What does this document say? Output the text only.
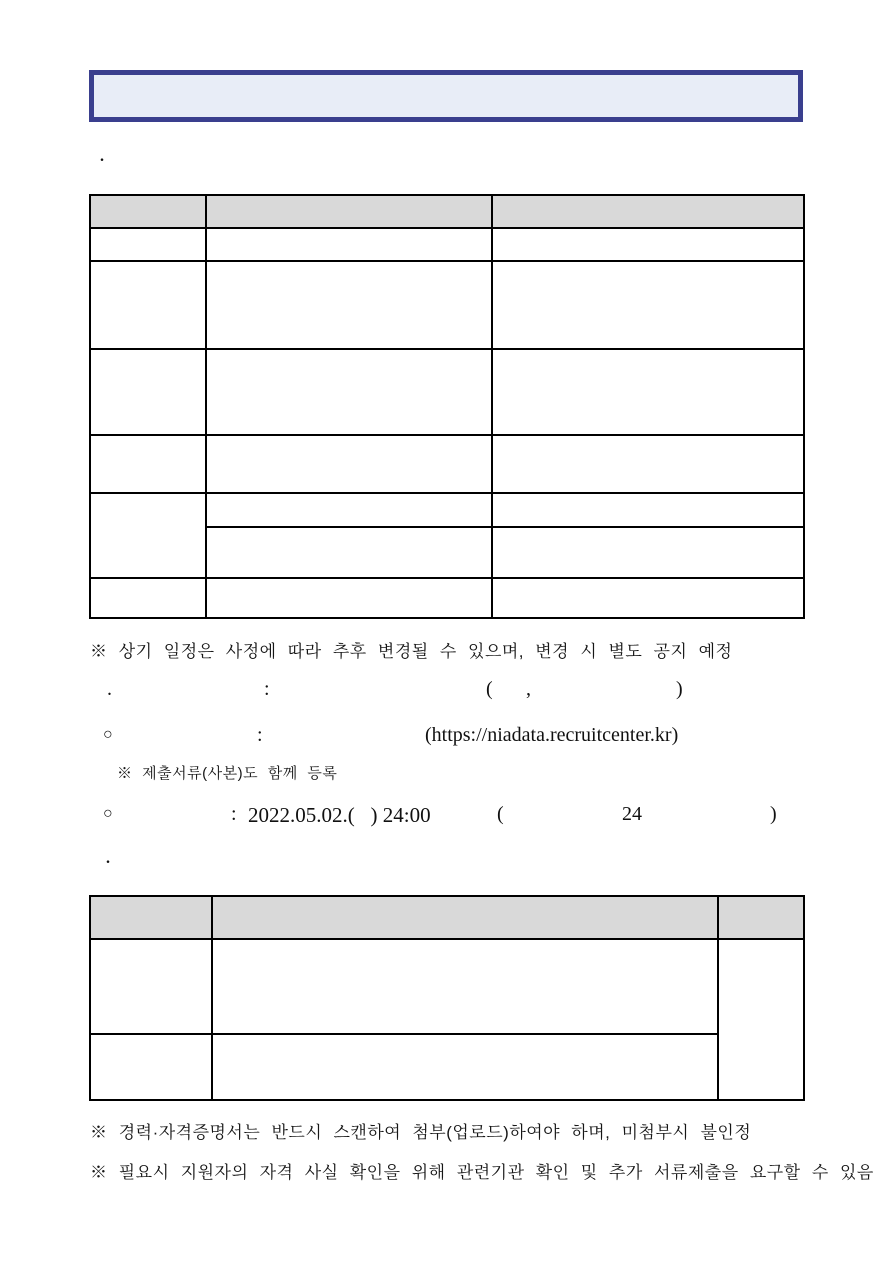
.

※ 상기 일정은 사정에 따라 추후 변경될 수 있으며, 변경 시 별도 공지 예정
.	:	( ,	)
○	:	(https://niadata.recruitcenter.kr)
※ 제출서류(사본)도 함께 등록
○	: 2022.05.02.(   ) 24:00	(	24	)
.

※ 경력·자격증명서는 반드시 스캔하여 첨부(업로드)하여야 하며, 미첨부시 불인정
※ 필요시 지원자의 자격 사실 확인을 위해 관련기관 확인 및 추가 서류제출을 요구할 수 있음
